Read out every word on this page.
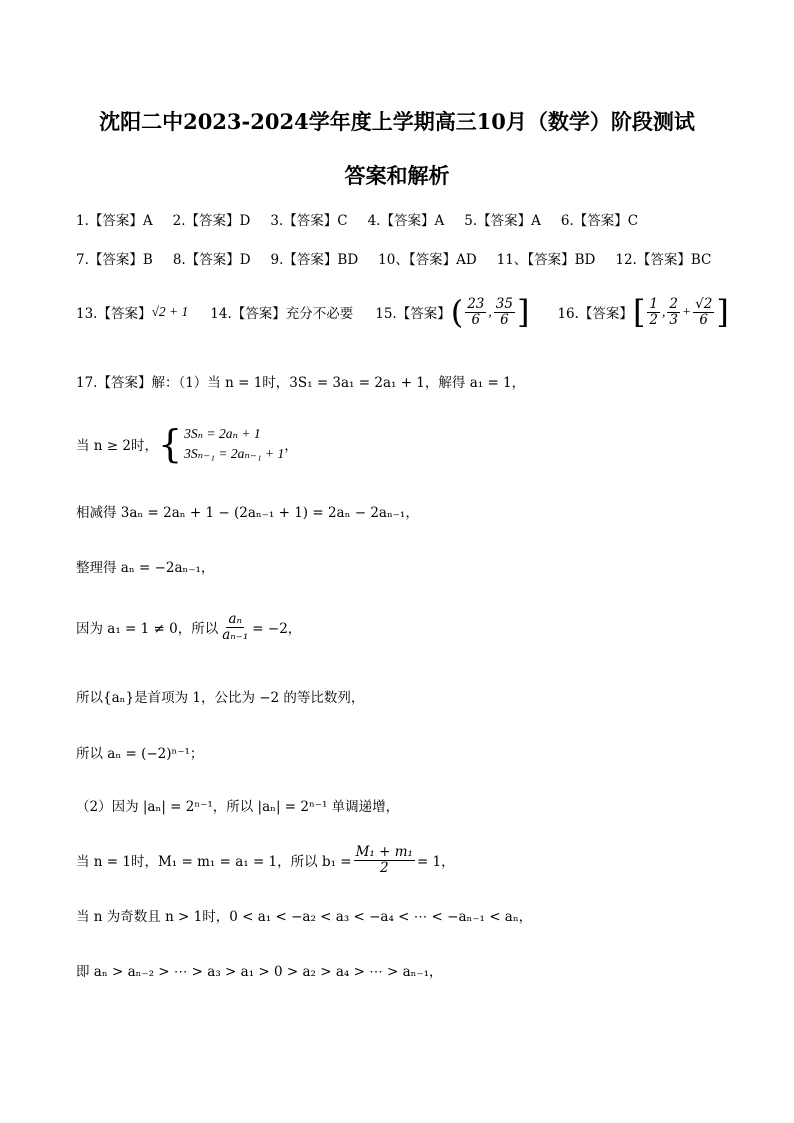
沈阳二中2023-2024学年度上学期高三10月（数学）阶段测试
答案和解析
1.【答案】A 2.【答案】D 3.【答案】C 4.【答案】A 5.【答案】A 6.【答案】C
7.【答案】B 8.【答案】D 9.【答案】BD 10、【答案】AD 11、【答案】BD 12.【答案】BC
13.【答案】 √2 + 1 14.【答案】充分不必要 15.【答案】 ( $\frac{23}{6}$ , $\frac{35}{6}$ ] 16.【答案】 [ $\frac{1}{2}$ , $\frac{2}{3} + \frac{√2}{6}$ ]
17.【答案】解：（1）当 n = 1时，3S₁ = 3a₁ = 2a₁ + 1，解得 a₁ = 1，
当 n ≥ 2时， { 3Sₙ = 2aₙ + 1
3Sₙ₋₁ = 2aₙ₋₁ + 1 ，
相减得 3aₙ = 2aₙ + 1 − (2aₙ₋₁ + 1) = 2aₙ − 2aₙ₋₁，
整理得 aₙ = −2aₙ₋₁，
因为 a₁ = 1 ≠ 0，所以 $\frac{\text{aₙ}}{\text{aₙ₋₁}} = -2$，
所以{aₙ}是首项为 1，公比为 −2 的等比数列，
所以 aₙ = (−2)ⁿ⁻¹；
（2）因为 |aₙ| = 2ⁿ⁻¹，所以 |aₙ| = 2ⁿ⁻¹ 单调递增，
当 n = 1时，M₁ = m₁ = a₁ = 1，所以 $b_1 = \frac{\text{M₁ + m₁}}{2} = 1$，
当 n 为奇数且 n > 1时，0 < a₁ < −a₂ < a₃ < −a₄ < ⋯ < −aₙ₋₁ < aₙ，
即 aₙ > aₙ₋₂ > ⋯ > a₃ > a₁ > 0 > a₂ > a₄ > ⋯ > aₙ₋₁，
